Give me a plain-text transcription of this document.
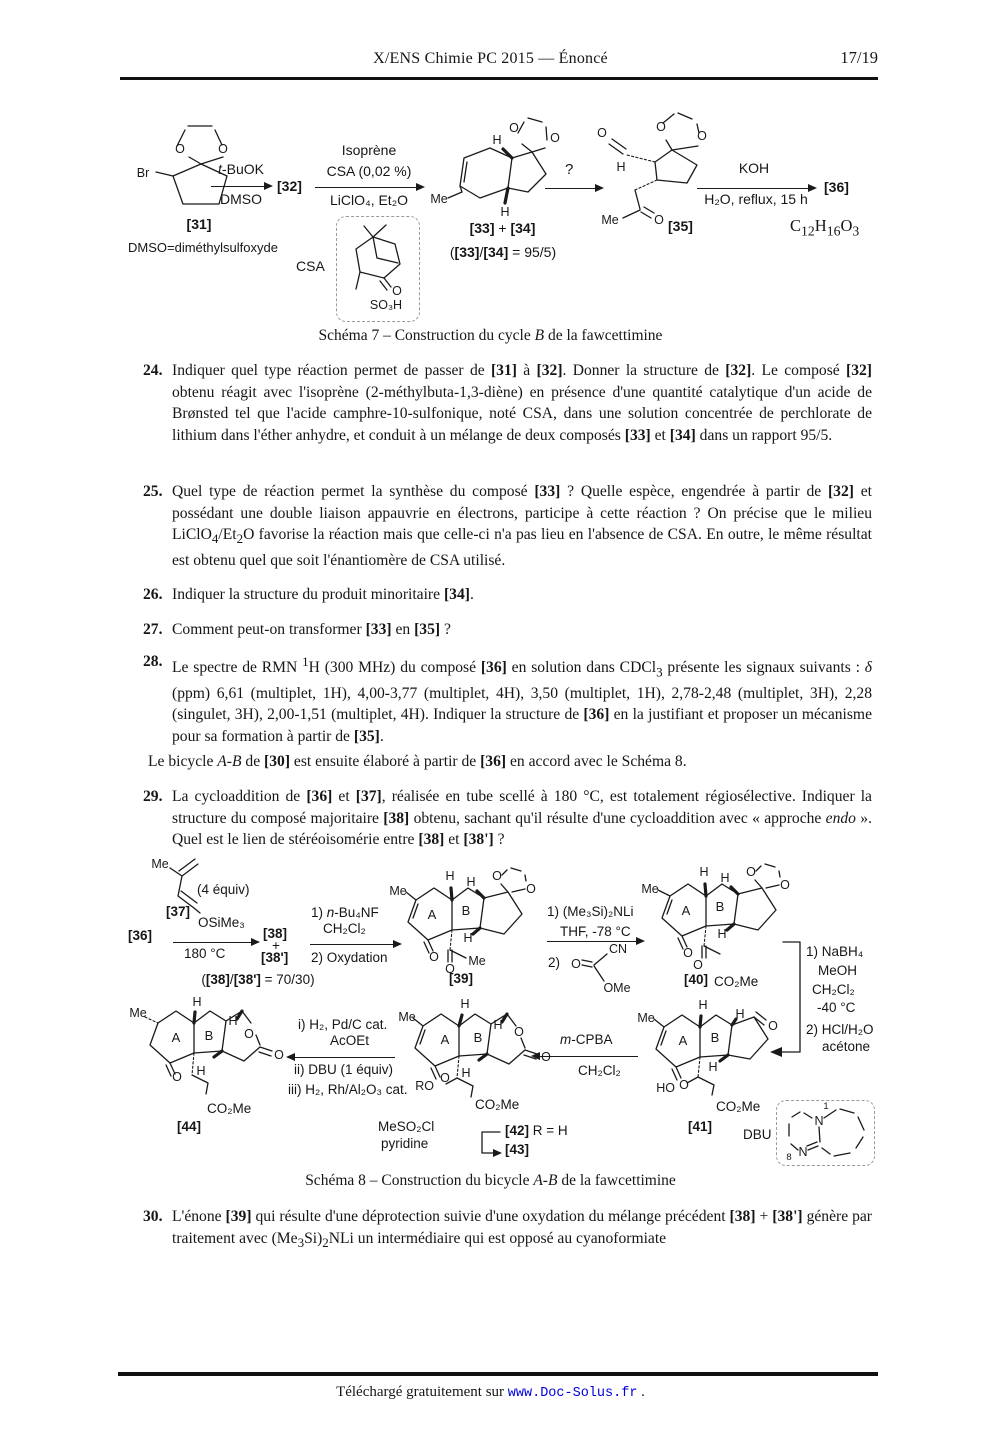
X/ENS Chimie PC 2015 — Énoncé	17/19
Br
O	O
[31]
DMSO=diméthylsulfoxyde
t-BuOK
DMSO
[32]
Isoprène
CSA (0,02 %)
LiClO₄, Et₂O
CSA
O
SO₃H
Me
H
H
O
O
[33] + [34]
([33]/[34] = 95/5)
?
O
H
O
O
Me	O [35]
KOH
H₂O, reflux, 15 h
[36]
$C_{12}H_{16}O_3$
Schéma 7 – Construction du cycle B de la fawcettimine
24. Indiquer quel type réaction permet de passer de [31] à [32]. Donner la structure de [32]. Le composé [32] obtenu réagit avec l'isoprène (2-méthylbuta-1,3-diène) en présence d'une quantité catalytique d'un acide de Brønsted tel que l'acide camphre-10-sulfonique, noté CSA, dans une solution concentrée de perchlorate de lithium dans l'éther anhydre, et conduit à un mélange de deux composés [33] et [34] dans un rapport 95/5.
25. Quel type de réaction permet la synthèse du composé [33] ? Quelle espèce, engendrée à partir de [32] et possédant une double liaison appauvrie en électrons, participe à cette réaction ? On précise que le milieu $LiClO_4/Et_2O$ favorise la réaction mais que celle-ci n'a pas lieu en l'absence de CSA. En outre, le même résultat est obtenu quel que soit l'énantiomère de CSA utilisé.
26. Indiquer la structure du produit minoritaire [34].
27. Comment peut-on transformer [33] en [35] ?
28. Le spectre de RMN $^1$H (300 MHz) du composé [36] en solution dans CDCl$_3$ présente les signaux suivants : δ (ppm) 6,61 (multiplet, 1H), 4,00-3,77 (multiplet, 4H), 3,50 (multiplet, 1H), 2,78-2,48 (multiplet, 3H), 2,28 (singulet, 3H), 2,00-1,51 (multiplet, 4H). Indiquer la structure de [36] en la justifiant et proposer un mécanisme pour sa formation à partir de [35].
Le bicycle A-B de [30] est ensuite élaboré à partir de [36] en accord avec le Schéma 8.
29. La cycloaddition de [36] et [37], réalisée en tube scellé à 180 °C, est totalement régiosélective. Indiquer la structure du composé majoritaire [38] obtenu, sachant qu'il résulte d'une cycloaddition avec « approche endo ». Quel est le lien de stéréoisomérie entre [38] et [38'] ?
[36]
Me
(4 équiv)
[37]
OSiMe₃
180 °C
[38]
+
[38']
([38]/[38'] = 70/30)
1) n-Bu₄NF
CH₂Cl₂
2) Oxydation
Me
A B
H H
H
O
O
O
O
Me
[39]
1) (Me₃Si)₂NLi
THF, -78 °C
2) O
CN
OMe
Me
A B
H H
H
O
O
O
O
[40] CO₂Me
1) NaBH₄
MeOH
CH₂Cl₂
-40 °C
2) HCl/H₂O
acétone
Me
A B
H
H
H
O
O
HO
[41]
CO₂Me
DBU
N
N
1
8
m-CPBA
CH₂Cl₂
Me
A B
H
H
H
O
O
O
RO
CO₂Me
[42] R = H
MeSO₂Cl
pyridine	[43]
i) H₂, Pd/C cat.
AcOEt
ii) DBU (1 équiv)
iii) H₂, Rh/Al₂O₃ cat.
Me
A B
H
H
H
O
O
O
CO₂Me
[44]
Schéma 8 – Construction du bicycle A-B de la fawcettimine
30. L'énone [39] qui résulte d'une déprotection suivie d'une oxydation du mélange précédent [38] + [38'] génère par traitement avec $(Me_3Si)_2NLi$ un intermédiaire qui est opposé au cyanoformiate
Téléchargé gratuitement sur www.Doc-Solus.fr .
